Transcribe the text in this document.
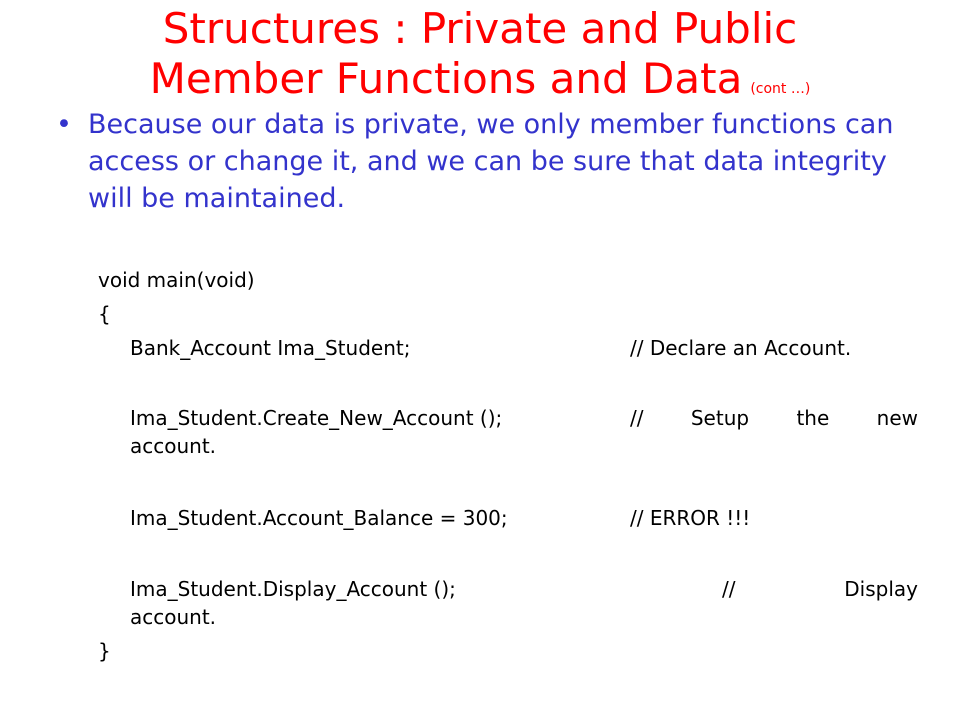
Structures : Private and Public
Member Functions and Data (cont …)
• Because our data is private, we only member functions can access or change it, and we can be sure that data integrity will be maintained.
void main(void)
{
Bank_Account Ima_Student;	// Declare an Account.
Ima_Student.Create_New_Account ();	// Setup the new
account.
Ima_Student.Account_Balance = 300;	// ERROR !!!
Ima_Student.Display_Account ();	//	Display
account.
}
